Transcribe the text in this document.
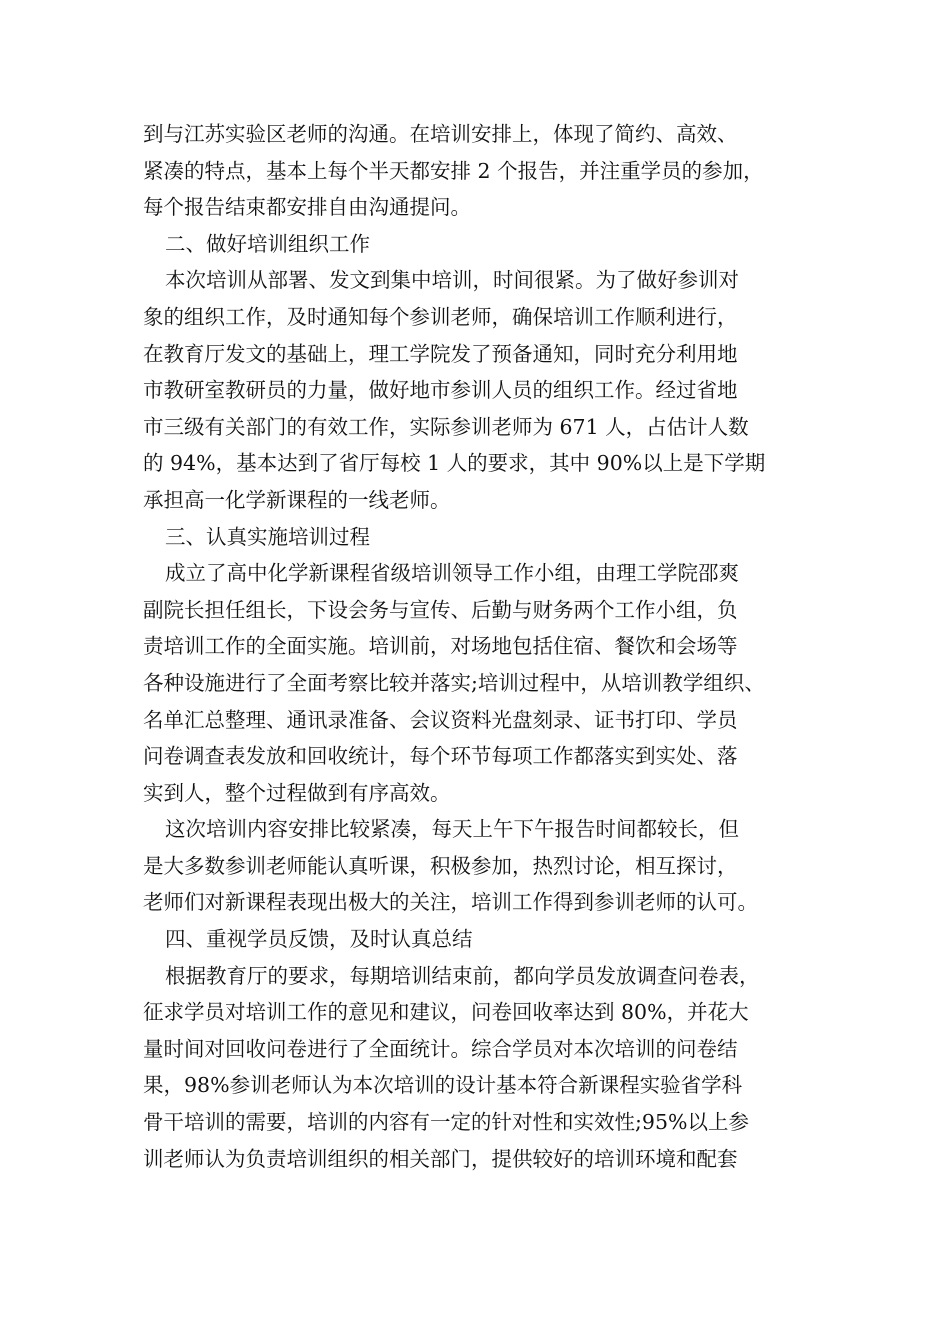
到与江苏实验区老师的沟通。在培训安排上，体现了简约、高效、
紧凑的特点，基本上每个半天都安排 2 个报告，并注重学员的参加，
每个报告结束都安排自由沟通提问。
二、做好培训组织工作
本次培训从部署、发文到集中培训，时间很紧。为了做好参训对
象的组织工作，及时通知每个参训老师，确保培训工作顺利进行，
在教育厅发文的基础上，理工学院发了预备通知，同时充分利用地
市教研室教研员的力量，做好地市参训人员的组织工作。经过省地
市三级有关部门的有效工作，实际参训老师为 671 人，占估计人数
的 94%，基本达到了省厅每校 1 人的要求，其中 90%以上是下学期
承担高一化学新课程的一线老师。
三、认真实施培训过程
成立了高中化学新课程省级培训领导工作小组，由理工学院邵爽
副院长担任组长，下设会务与宣传、后勤与财务两个工作小组，负
责培训工作的全面实施。培训前，对场地包括住宿、餐饮和会场等
各种设施进行了全面考察比较并落实;培训过程中，从培训教学组织、
名单汇总整理、通讯录准备、会议资料光盘刻录、证书打印、学员
问卷调查表发放和回收统计，每个环节每项工作都落实到实处、落
实到人，整个过程做到有序高效。
这次培训内容安排比较紧凑，每天上午下午报告时间都较长，但
是大多数参训老师能认真听课，积极参加，热烈讨论，相互探讨，
老师们对新课程表现出极大的关注，培训工作得到参训老师的认可。
四、重视学员反馈，及时认真总结
根据教育厅的要求，每期培训结束前，都向学员发放调查问卷表，
征求学员对培训工作的意见和建议，问卷回收率达到 80%，并花大
量时间对回收问卷进行了全面统计。综合学员对本次培训的问卷结
果，98%参训老师认为本次培训的设计基本符合新课程实验省学科
骨干培训的需要，培训的内容有一定的针对性和实效性;95%以上参
训老师认为负责培训组织的相关部门，提供较好的培训环境和配套
